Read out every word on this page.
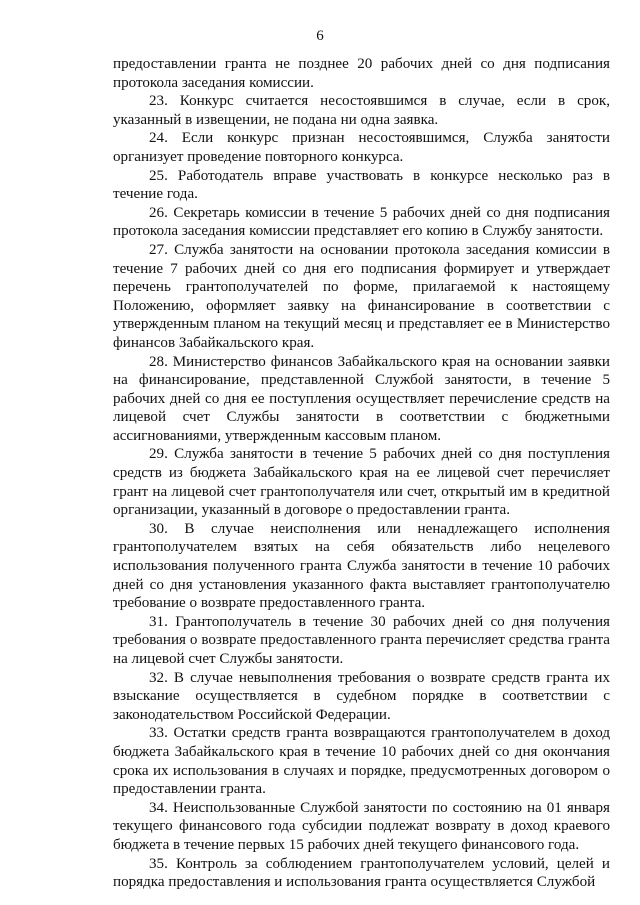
6

предоставлении гранта не позднее 20 рабочих дней со дня подписания протокола заседания комиссии.

23. Конкурс считается несостоявшимся в случае, если в срок, указанный в извещении, не подана ни одна заявка.

24. Если конкурс признан несостоявшимся, Служба занятости организует проведение повторного конкурса.

25. Работодатель вправе участвовать в конкурсе несколько раз в течение года.

26. Секретарь комиссии в течение 5 рабочих дней со дня подписания протокола заседания комиссии представляет его копию в Службу занятости.

27. Служба занятости на основании протокола заседания комиссии в течение 7 рабочих дней со дня его подписания формирует и утверждает перечень грантополучателей по форме, прилагаемой к настоящему Положению, оформляет заявку на финансирование в соответствии с утвержденным планом на текущий месяц и представляет ее в Министерство финансов Забайкальского края.

28. Министерство финансов Забайкальского края на основании заявки на финансирование, представленной Службой занятости, в течение 5 рабочих дней со дня ее поступления осуществляет перечисление средств на лицевой счет Службы занятости в соответствии с бюджетными ассигнованиями, утвержденным кассовым планом.

29. Служба занятости в течение 5 рабочих дней со дня поступления средств из бюджета Забайкальского края на ее лицевой счет перечисляет грант на лицевой счет грантополучателя или счет, открытый им в кредитной организации, указанный в договоре о предоставлении гранта.

30. В случае неисполнения или ненадлежащего исполнения грантополучателем взятых на себя обязательств либо нецелевого использования полученного гранта Служба занятости в течение 10 рабочих дней со дня установления указанного факта выставляет грантополучателю требование о возврате предоставленного гранта.

31. Грантополучатель в течение 30 рабочих дней со дня получения требования о возврате предоставленного гранта перечисляет средства гранта на лицевой счет Службы занятости.

32. В случае невыполнения требования о возврате средств гранта их взыскание осуществляется в судебном порядке в соответствии с законодательством Российской Федерации.

33. Остатки средств гранта возвращаются грантополучателем в доход бюджета Забайкальского края в течение 10 рабочих дней со дня окончания срока их использования в случаях и порядке, предусмотренных договором о предоставлении гранта.

34. Неиспользованные Службой занятости по состоянию на 01 января текущего финансового года субсидии подлежат возврату в доход краевого бюджета в течение первых 15 рабочих дней текущего финансового года.

35. Контроль за соблюдением грантополучателем условий, целей и порядка предоставления и использования гранта осуществляется Службой
